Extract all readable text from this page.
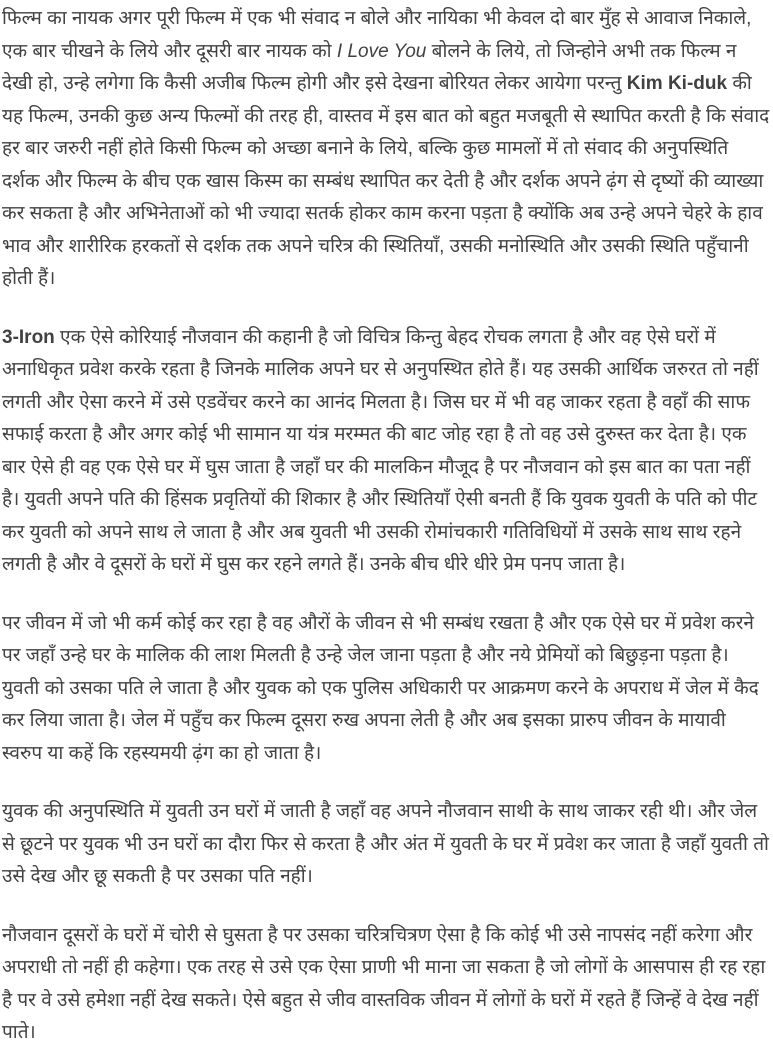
फिल्म का नायक अगर पूरी फिल्म में एक भी संवाद न बोले और नायिका भी केवल दो बार मुँह से आवाज निकाले, एक बार चीखने के लिये और दूसरी बार नायक को I Love You बोलने के लिये, तो जिन्होने अभी तक फिल्म न देखी हो, उन्हे लगेगा कि कैसी अजीब फिल्म होगी और इसे देखना बोरियत लेकर आयेगा परन्तु Kim Ki-duk की यह फिल्म, उनकी कुछ अन्य फिल्मों की तरह ही, वास्तव में इस बात को बहुत मजबूती से स्थापित करती है कि संवाद हर बार जरुरी नहीं होते किसी फिल्म को अच्छा बनाने के लिये, बल्कि कुछ मामलों में तो संवाद की अनुपस्थिति दर्शक और फिल्म के बीच एक खास किस्म का सम्बंध स्थापित कर देती है और दर्शक अपने ढ़ंग से दृष्यों की व्याख्या कर सकता है और अभिनेताओं को भी ज्यादा सतर्क होकर काम करना पड़ता है क्योंकि अब उन्हे अपने चेहरे के हाव भाव और शारीरिक हरकतों से दर्शक तक अपने चरित्र की स्थितियाँ, उसकी मनोस्थिति और उसकी स्थिति पहुँचानी होती हैं।

3-Iron एक ऐसे कोरियाई नौजवान की कहानी है जो विचित्र किन्तु बेहद रोचक लगता है और वह ऐसे घरों में अनाधिकृत प्रवेश करके रहता है जिनके मालिक अपने घर से अनुपस्थित होते हैं। यह उसकी आर्थिक जरुरत तो नहीं लगती और ऐसा करने में उसे एडवेंचर करने का आनंद मिलता है। जिस घर में भी वह जाकर रहता है वहाँ की साफ सफाई करता है और अगर कोई भी सामान या यंत्र मरम्मत की बाट जोह रहा है तो वह उसे दुरुस्त कर देता है। एक बार ऐसे ही वह एक ऐसे घर में घुस जाता है जहाँ घर की मालकिन मौजूद है पर नौजवान को इस बात का पता नहीं है। युवती अपने पति की हिंसक प्रवृतियों की शिकार है और स्थितियाँ ऐसी बनती हैं कि युवक युवती के पति को पीट कर युवती को अपने साथ ले जाता है और अब युवती भी उसकी रोमांचकारी गतिविधियों में उसके साथ साथ रहने लगती है और वे दूसरों के घरों में घुस कर रहने लगते हैं। उनके बीच धीरे धीरे प्रेम पनप जाता है।

पर जीवन में जो भी कर्म कोई कर रहा है वह औरों के जीवन से भी सम्बंध रखता है और एक ऐसे घर में प्रवेश करने पर जहाँ उन्हे घर के मालिक की लाश मिलती है उन्हे जेल जाना पड़ता है और नये प्रेमियों को बिछुड़ना पड़ता है। युवती को उसका पति ले जाता है और युवक को एक पुलिस अधिकारी पर आक्रमण करने के अपराध में जेल में कैद कर लिया जाता है। जेल में पहुँच कर फिल्म दूसरा रुख अपना लेती है और अब इसका प्रारुप जीवन के मायावी स्वरुप या कहें कि रहस्यमयी ढ़ंग का हो जाता है।

युवक की अनुपस्थिति में युवती उन घरों में जाती है जहाँ वह अपने नौजवान साथी के साथ जाकर रही थी। और जेल से छूटने पर युवक भी उन घरों का दौरा फिर से करता है और अंत में युवती के घर में प्रवेश कर जाता है जहाँ युवती तो उसे देख और छू सकती है पर उसका पति नहीं।

नौजवान दूसरों के घरों में चोरी से घुसता है पर उसका चरित्रचित्रण ऐसा है कि कोई भी उसे नापसंद नहीं करेगा और अपराधी तो नहीं ही कहेगा। एक तरह से उसे एक ऐसा प्राणी भी माना जा सकता है जो लोगों के आसपास ही रह रहा है पर वे उसे हमेशा नहीं देख सकते। ऐसे बहुत से जीव वास्तविक जीवन में लोगों के घरों में रहते हैं जिन्हें वे देख नहीं पाते।
